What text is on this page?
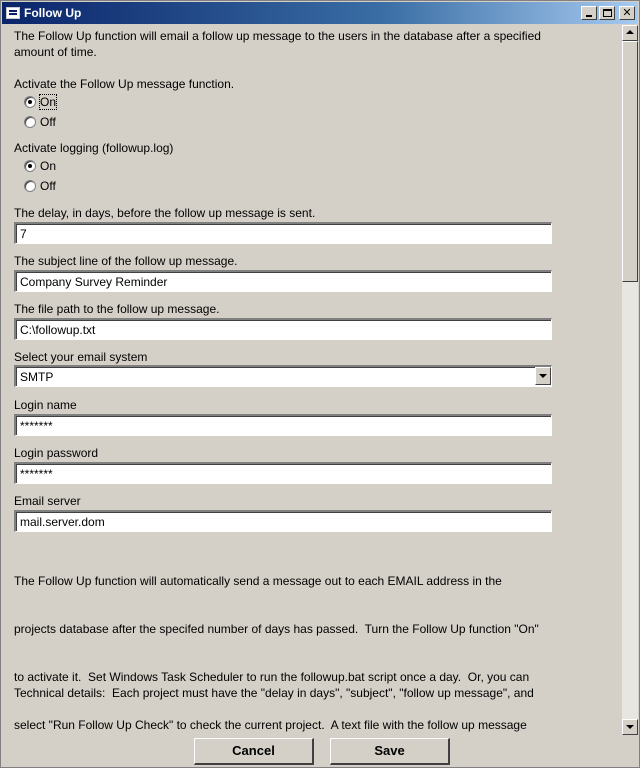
Follow Up	✕
The Follow Up function will email a follow up message to the users in the database after a specified amount of time.
Activate the Follow Up message function.
On
Off
Activate logging (followup.log)
On
Off
The delay, in days, before the follow up message is sent.
7
The subject line of the follow up message.
Company Survey Reminder
The file path to the follow up message.
C:\followup.txt
Select your email system
SMTP
Login name
*******
Login password
*******
Email server
mail.server.dom

The Follow Up function will automatically send a message out to each EMAIL address in the

projects database after the specifed number of days has passed.  Turn the Follow Up function "On"

to activate it.  Set Windows Task Scheduler to run the followup.bat script once a day.  Or, you can

select "Run Follow Up Check" to check the current project.  A text file with the follow up message

Technical details:  Each project must have the "delay in days", "subject", "follow up message", and

Cancel	Save
